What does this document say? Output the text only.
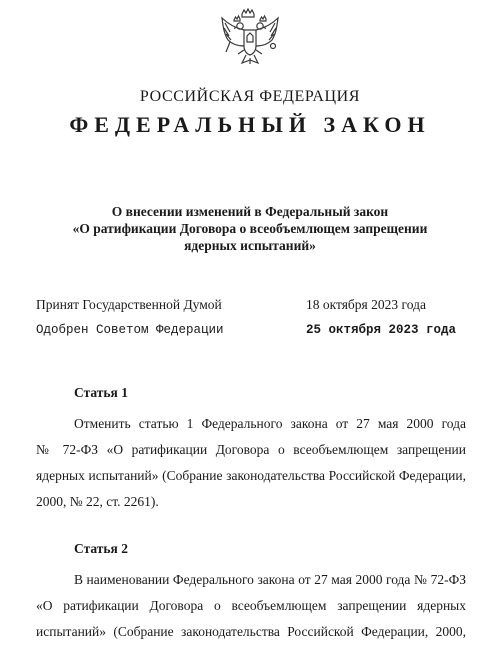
РОССИЙСКАЯ ФЕДЕРАЦИЯ
ФЕДЕРАЛЬНЫЙ ЗАКОН
О внесении изменений в Федеральный закон
«О ратификации Договора о всеобъемлющем запрещении
ядерных испытаний»
Принят Государственной Думой	18 октября 2023 года
Одобрен Советом Федерации	25 октября 2023 года
Статья 1
Отменить статью 1 Федерального закона от 27 мая 2000 года
№ 72-ФЗ «О ратификации Договора о всеобъемлющем запрещении
ядерных испытаний» (Собрание законодательства Российской Федерации,
2000, № 22, ст. 2261).
Статья 2
В наименовании Федерального закона от 27 мая 2000 года № 72-ФЗ
«О ратификации Договора о всеобъемлющем запрещении ядерных
испытаний» (Собрание законодательства Российской Федерации, 2000,
